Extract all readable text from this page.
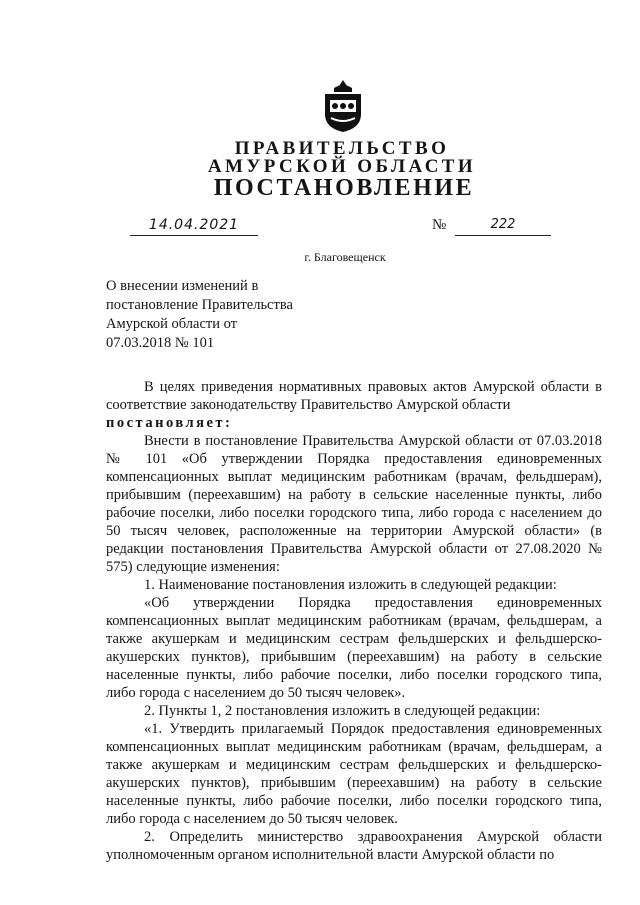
ПРАВИТЕЛЬСТВО
АМУРСКОЙ ОБЛАСТИ
ПОСТАНОВЛЕНИЕ
14.04.2021	№	222
г. Благовещенск
О внесении изменений в
постановление Правительства
Амурской области от
07.03.2018 № 101

В целях приведения нормативных правовых актов Амурской области в соответствие законодательству Правительство Амурской области

постановляет:

Внести в постановление Правительства Амурской области от 07.03.2018 № 101 «Об утверждении Порядка предоставления единовременных компенсационных выплат медицинским работникам (врачам, фельдшерам), прибывшим (переехавшим) на работу в сельские населенные пункты, либо рабочие поселки, либо поселки городского типа, либо города с населением до 50 тысяч человек, расположенные на территории Амурской области» (в редакции постановления Правительства Амурской области от 27.08.2020 № 575) следующие изменения:

1. Наименование постановления изложить в следующей редакции:

«Об утверждении Порядка предоставления единовременных компенсационных выплат медицинским работникам (врачам, фельдшерам, а также акушеркам и медицинским сестрам фельдшерских и фельдшерско-акушерских пунктов), прибывшим (переехавшим) на работу в сельские населенные пункты, либо рабочие поселки, либо поселки городского типа, либо города с населением до 50 тысяч человек».

2. Пункты 1, 2 постановления изложить в следующей редакции:

«1. Утвердить прилагаемый Порядок предоставления единовременных компенсационных выплат медицинским работникам (врачам, фельдшерам, а также акушеркам и медицинским сестрам фельдшерских и фельдшерско-акушерских пунктов), прибывшим (переехавшим) на работу в сельские населенные пункты, либо рабочие поселки, либо поселки городского типа, либо города с населением до 50 тысяч человек.

2. Определить министерство здравоохранения Амурской области уполномоченным органом исполнительной власти Амурской области по
